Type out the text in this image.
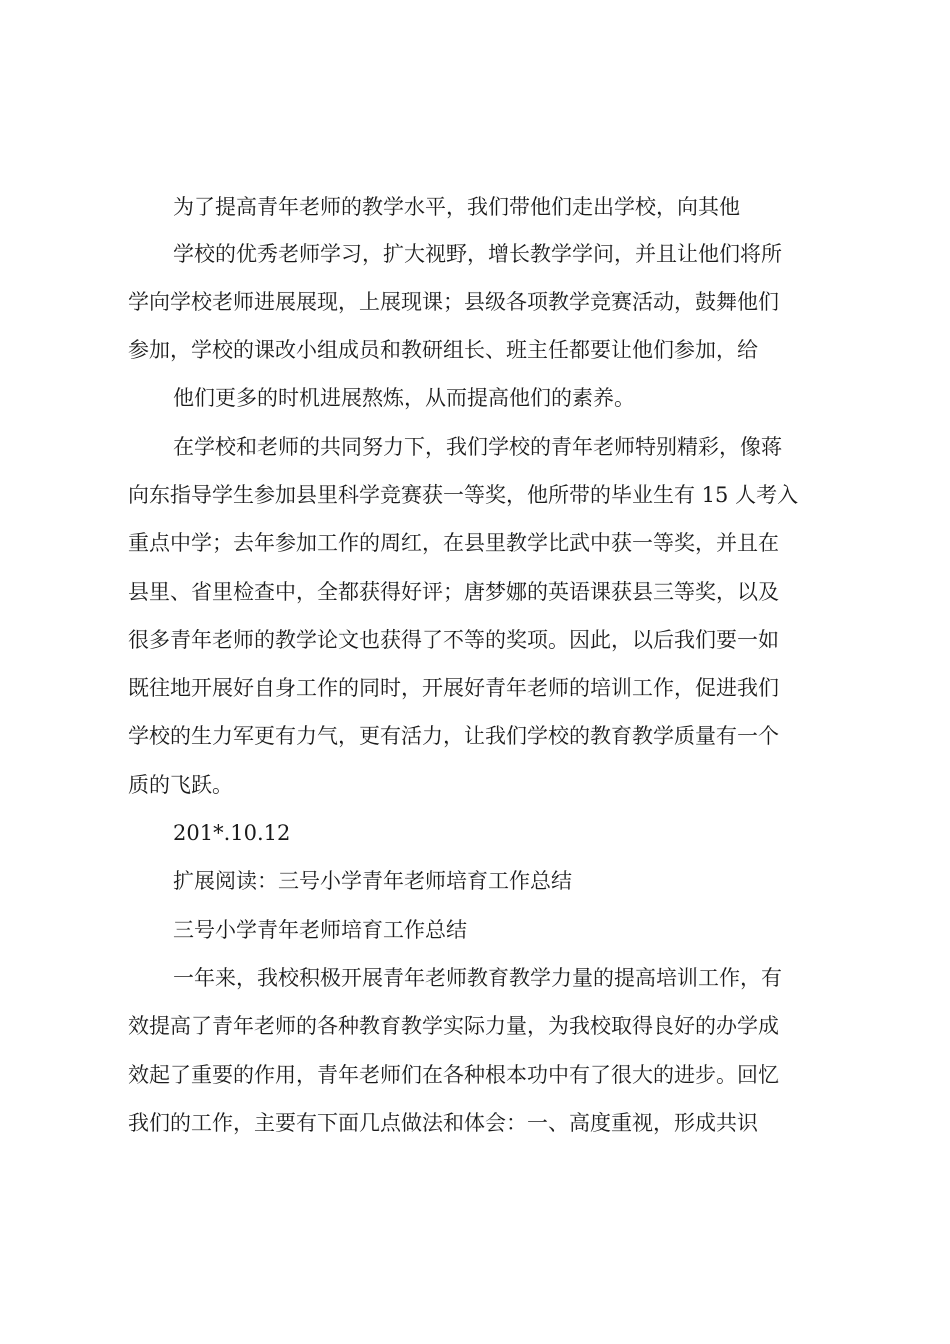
为了提高青年老师的教学水平，我们带他们走出学校，向其他
学校的优秀老师学习，扩大视野，增长教学学问，并且让他们将所
学向学校老师进展展现，上展现课；县级各项教学竞赛活动，鼓舞他们
参加，学校的课改小组成员和教研组长、班主任都要让他们参加，给
他们更多的时机进展熬炼，从而提高他们的素养。
在学校和老师的共同努力下，我们学校的青年老师特别精彩，像蒋
向东指导学生参加县里科学竞赛获一等奖，他所带的毕业生有 15 人考入
重点中学；去年参加工作的周红，在县里教学比武中获一等奖，并且在
县里、省里检查中，全都获得好评；唐梦娜的英语课获县三等奖，以及
很多青年老师的教学论文也获得了不等的奖项。因此，以后我们要一如
既往地开展好自身工作的同时，开展好青年老师的培训工作，促进我们
学校的生力军更有力气，更有活力，让我们学校的教育教学质量有一个
质的飞跃。
201*.10.12
扩展阅读：三号小学青年老师培育工作总结
三号小学青年老师培育工作总结
一年来，我校积极开展青年老师教育教学力量的提高培训工作，有
效提高了青年老师的各种教育教学实际力量，为我校取得良好的办学成
效起了重要的作用，青年老师们在各种根本功中有了很大的进步。回忆
我们的工作，主要有下面几点做法和体会：一、高度重视，形成共识
